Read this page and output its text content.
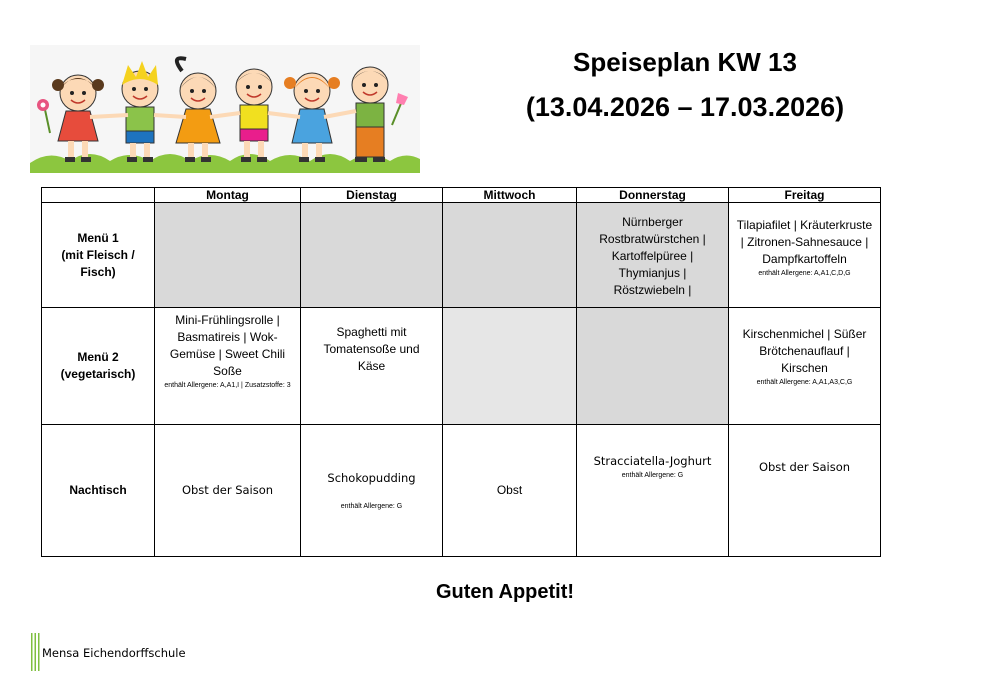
Speiseplan KW 13
(13.04.2026 – 17.03.2026)
	Montag	Dienstag	Mittwoch	Donnerstag	Freitag

Menü 1
(mit Fleisch /
Fisch)				Nürnberger Rostbratwürstchen | Kartoffelpüree | Thymianjus | Röstzwiebeln |	Tilapiafilet | Kräuterkruste | Zitronen-Sahnesauce | Dampfkartoffeln
enthält Allergene: A,A1,C,D,G

Menü 2
(vegetarisch)	Mini-Frühlingsrolle | Basmatireis | Wok-Gemüse | Sweet Chili Soße
enthält Allergene: A,A1,I | Zusatzstoffe: 3	Spaghetti mit Tomatensoße und Käse			Kirschenmichel | Süßer Brötchenauflauf | Kirschen
enthält Allergene: A,A1,A3,C,G

Nachtisch	Obst der Saison	Schokopudding
enthält Allergene: G	Obst	Stracciatella-Joghurt
enthält Allergene: G	Obst der Saison
Guten Appetit!
Mensa Eichendorffschule
